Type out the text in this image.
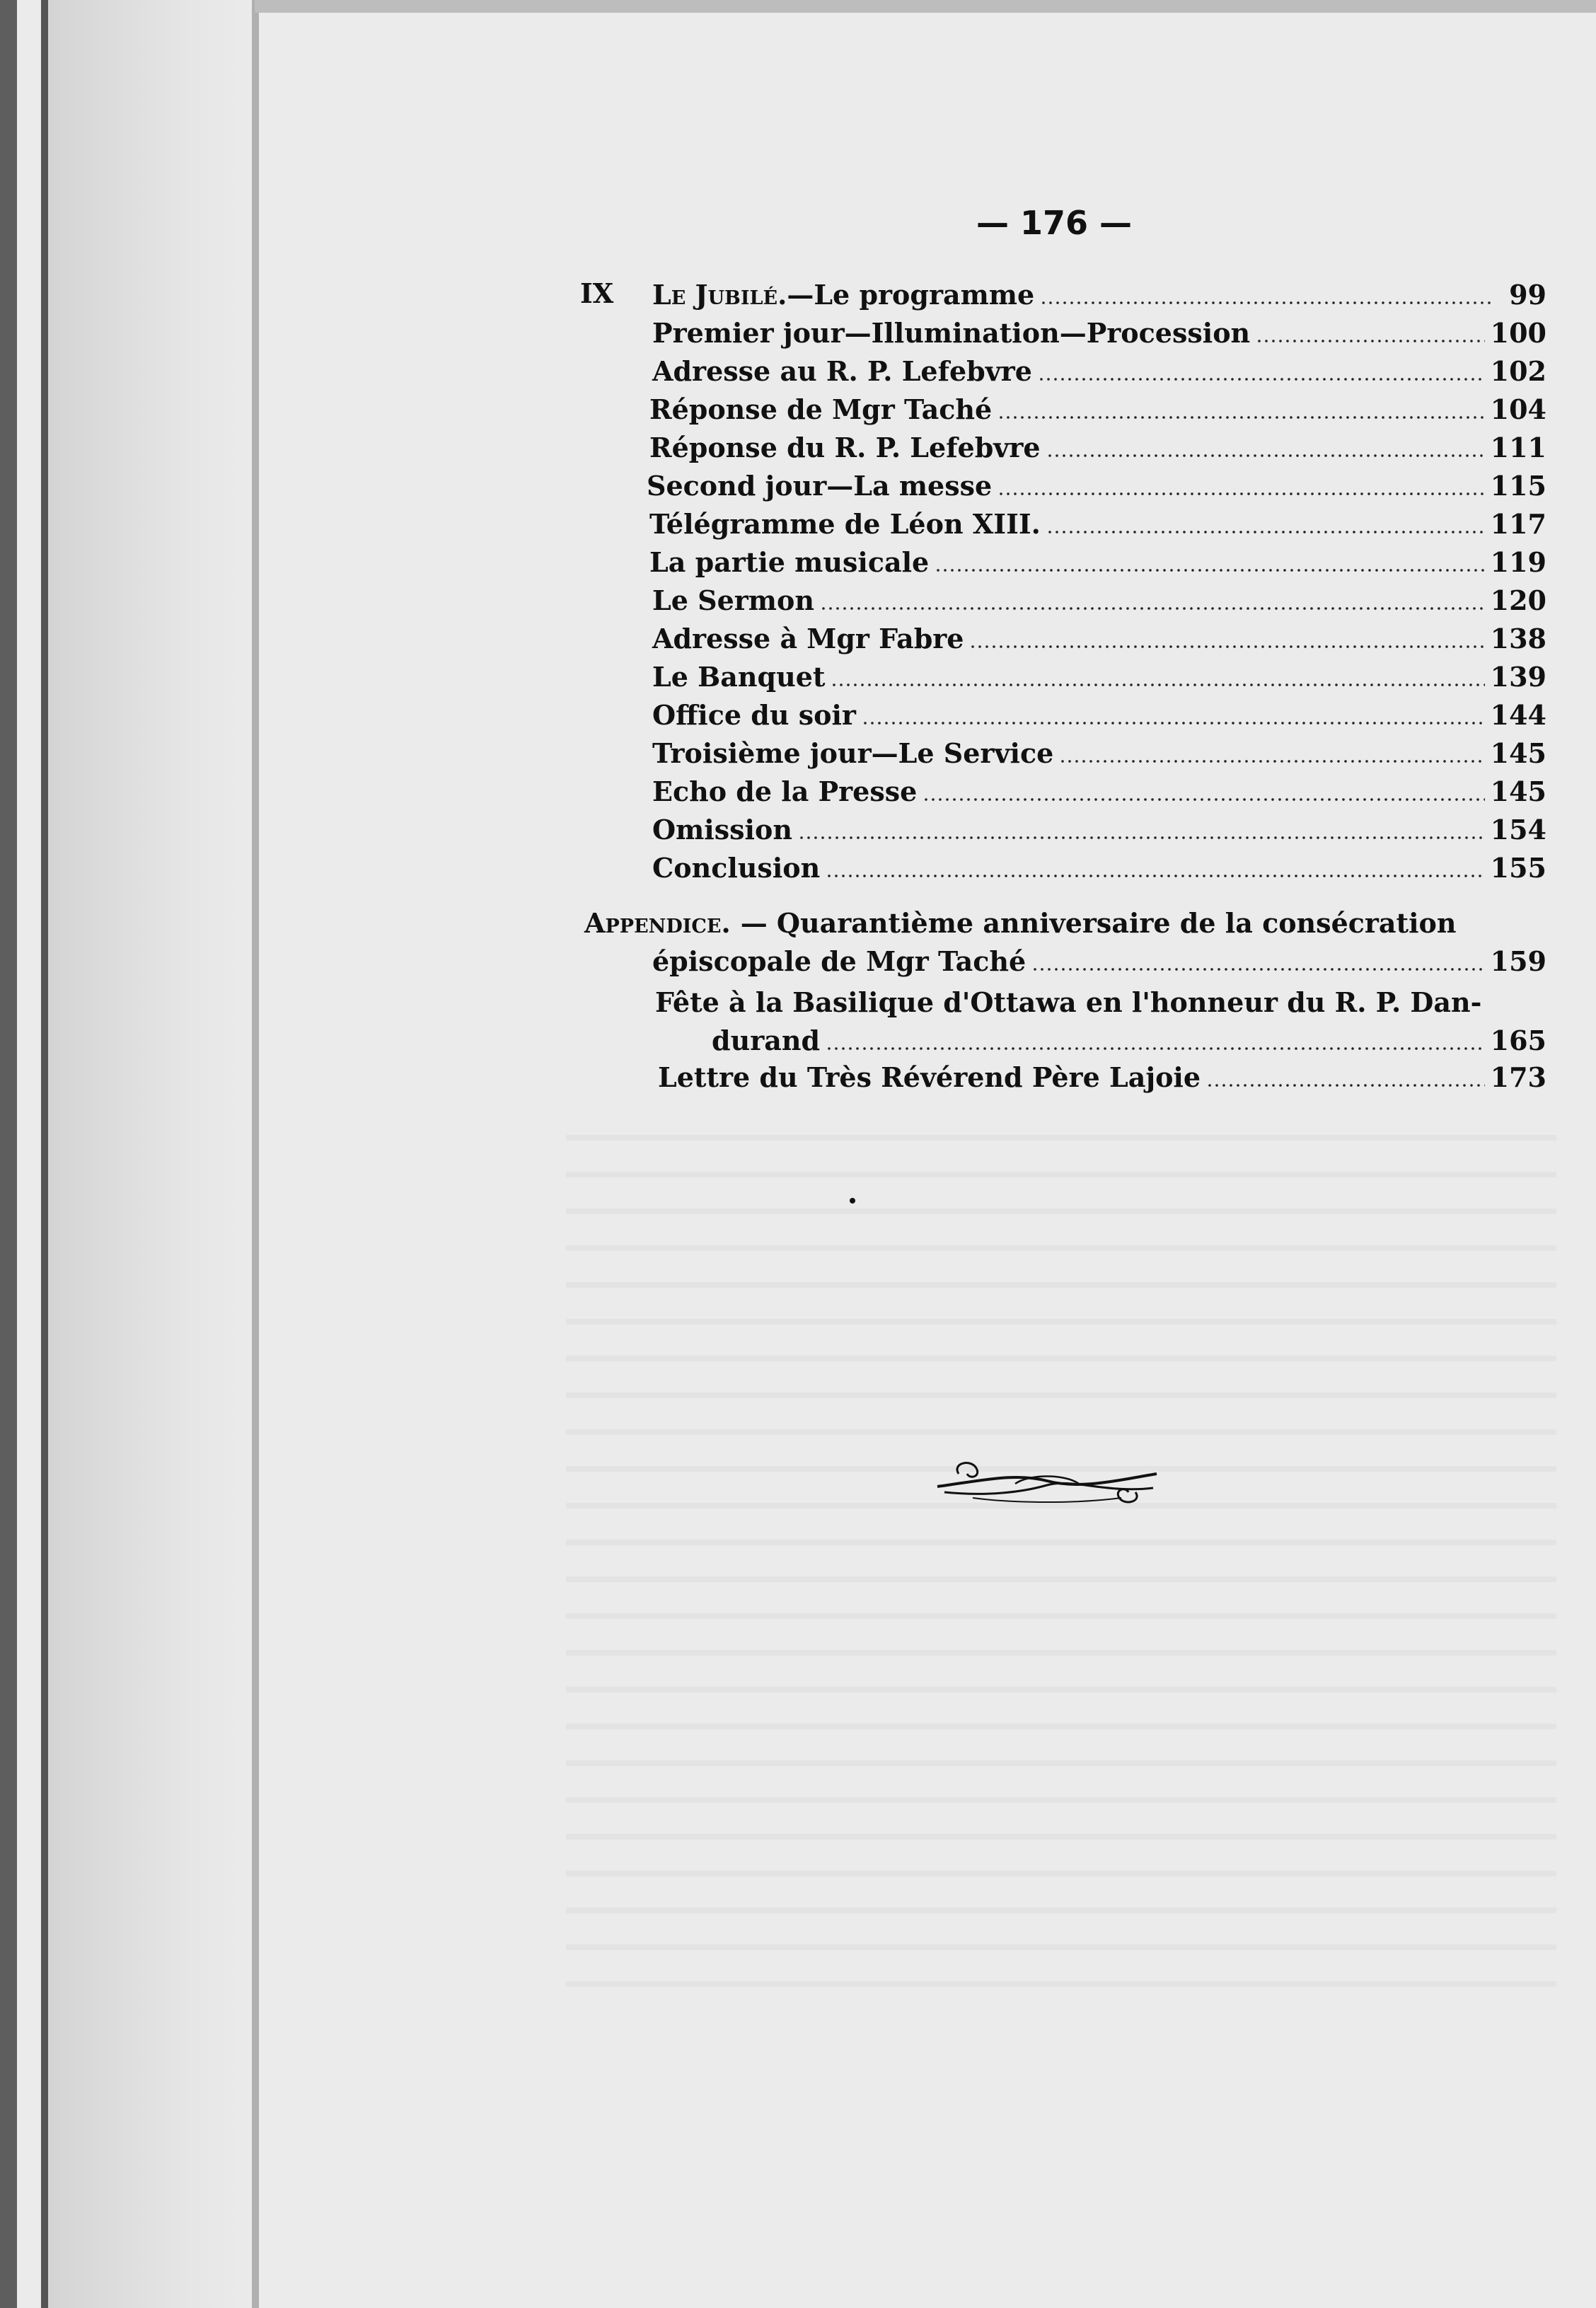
— 176 —
IX Le Jubilé.—Le programme	99
Premier jour—Illumination—Procession	100
Adresse au R. P. Lefebvre	102
Réponse de Mgr Taché	104
Réponse du R. P. Lefebvre	111
Second jour—La messe	115
Télégramme de Léon XIII.	117
La partie musicale	119
Le Sermon	120
Adresse à Mgr Fabre	138
Le Banquet	139
Office du soir	144
Troisième jour—Le Service	145
Echo de la Presse	145
Omission	154
Conclusion	155
Appendice. — Quarantième anniversaire de la consécration
épiscopale de Mgr Taché	159
Fête à la Basilique d'Ottawa en l'honneur du R. P. Dan-
durand	165
Lettre du Très Révérend Père Lajoie	173
